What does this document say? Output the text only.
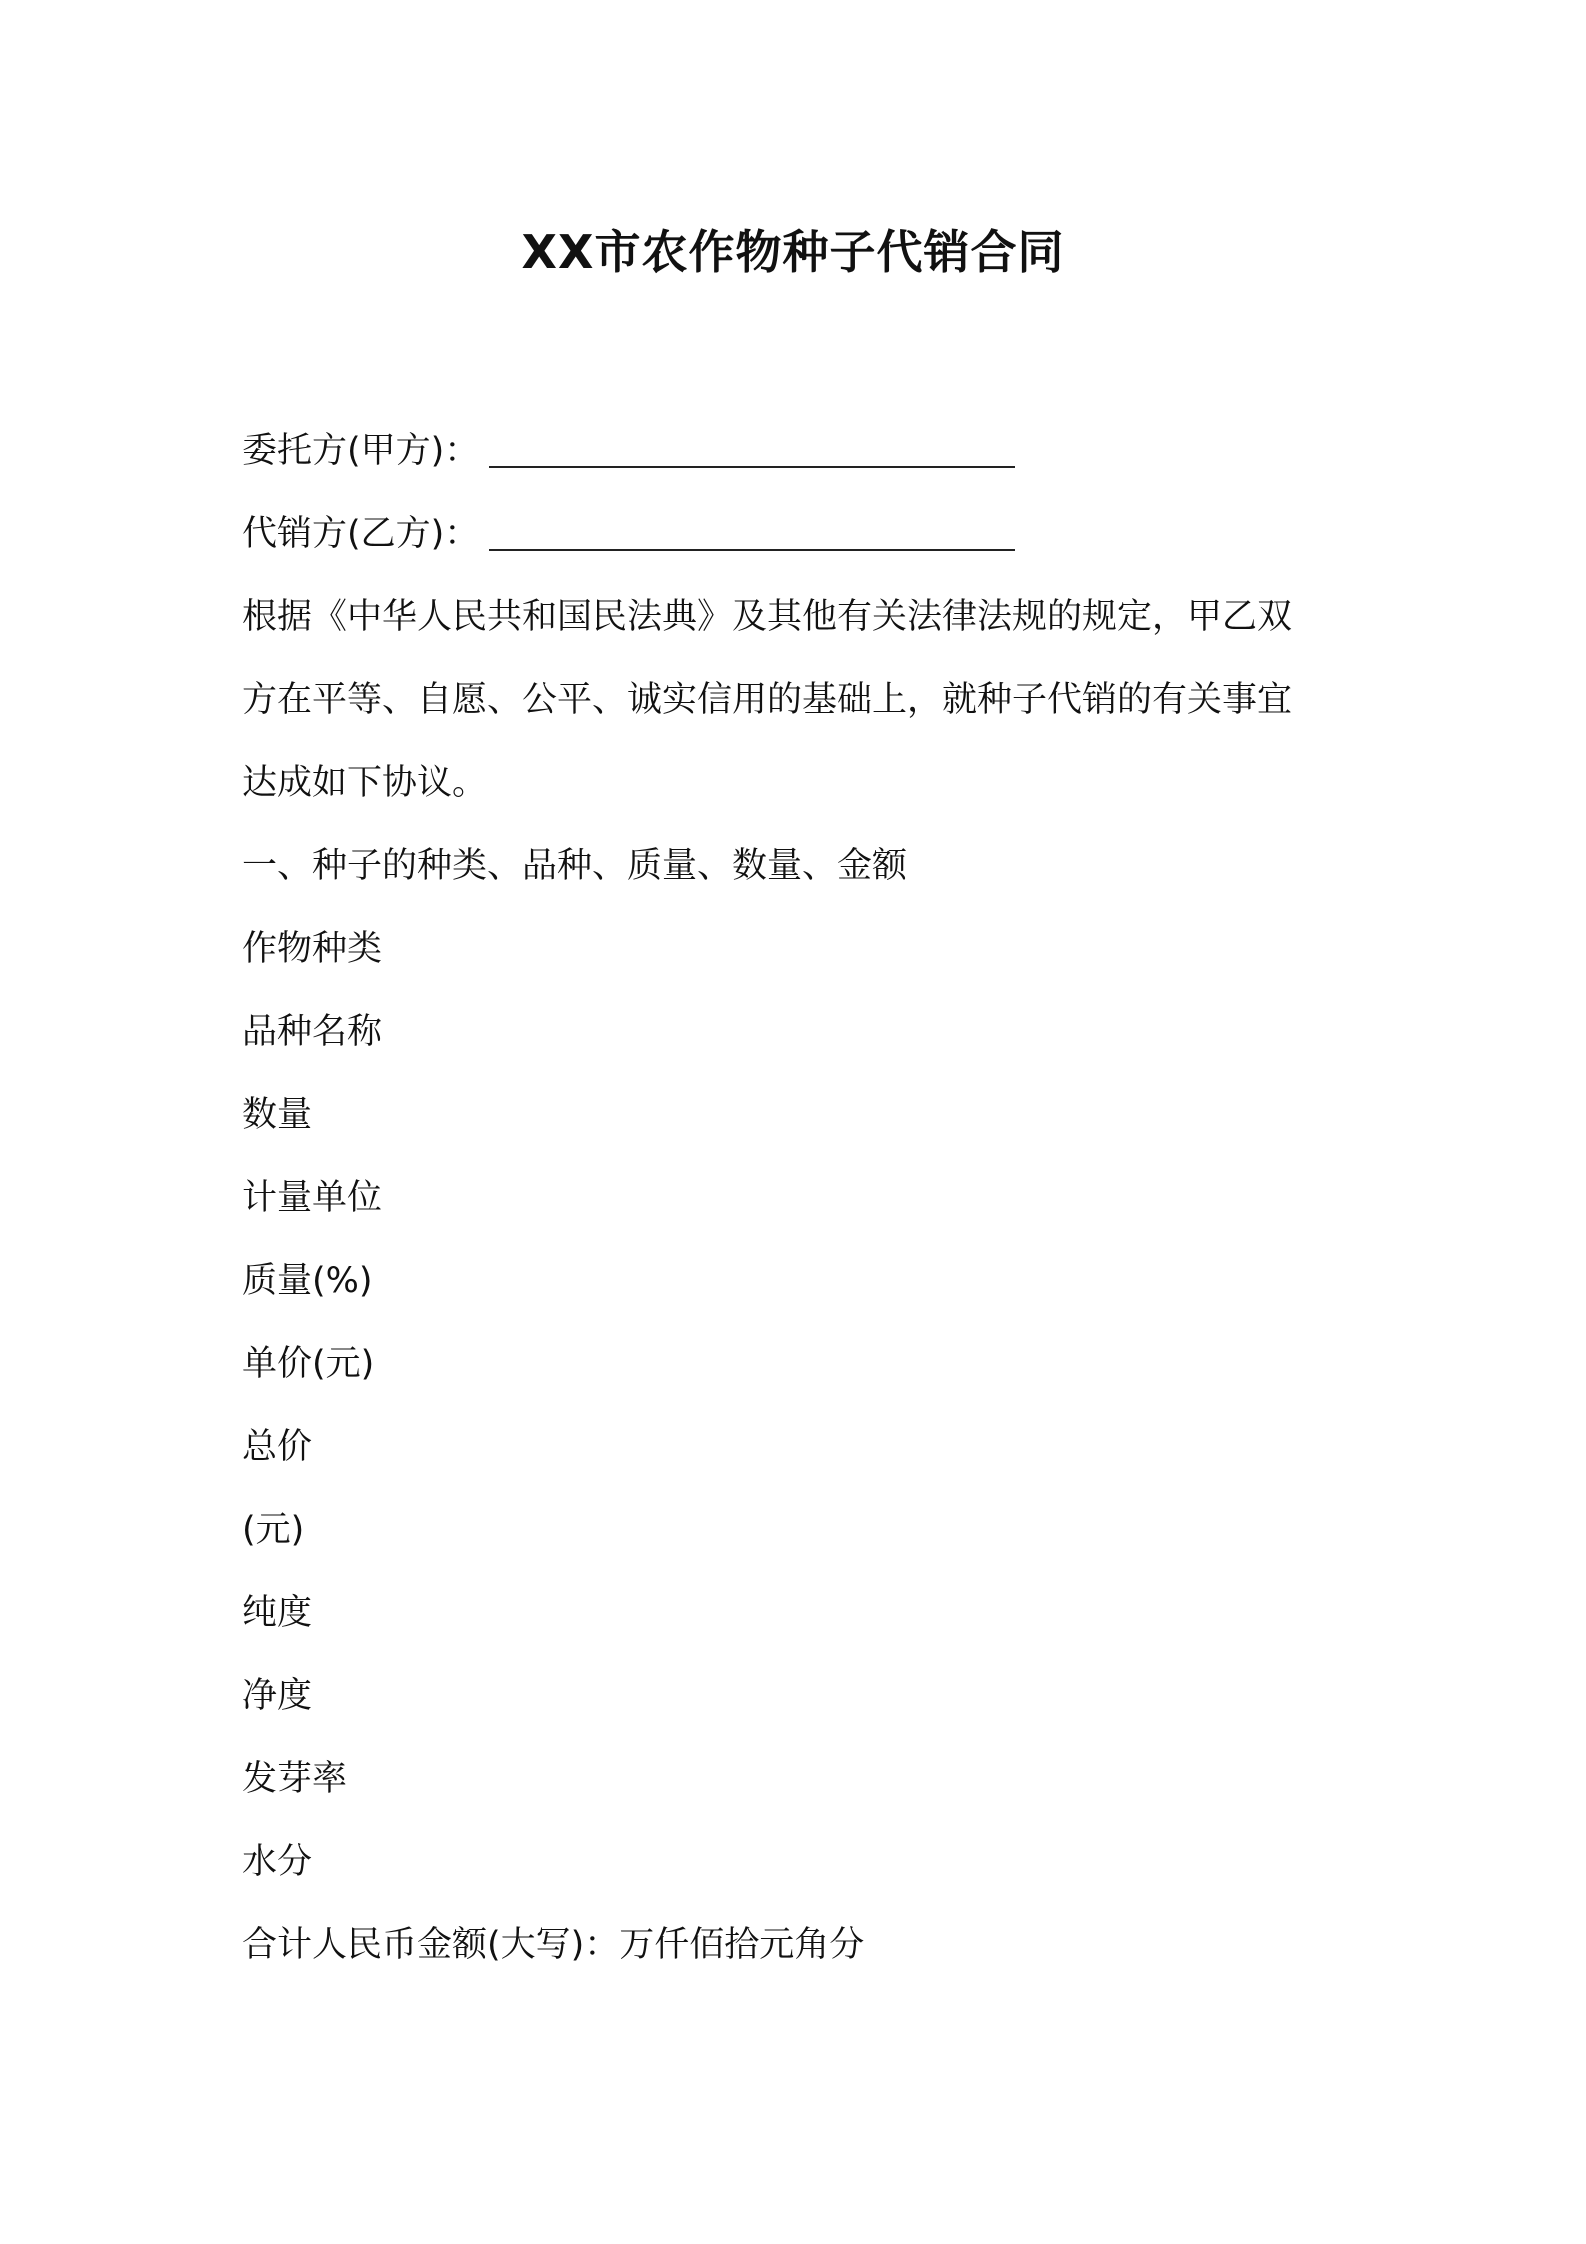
XX市农作物种子代销合同
委托方(甲方)：
代销方(乙方)：
根据《中华人民共和国民法典》及其他有关法律法规的规定，甲乙双
方在平等、自愿、公平、诚实信用的基础上，就种子代销的有关事宜
达成如下协议。
一、种子的种类、品种、质量、数量、金额
作物种类
品种名称
数量
计量单位
质量(%)
单价(元)
总价
(元)
纯度
净度
发芽率
水分
合计人民币金额(大写)：万仟佰拾元角分
